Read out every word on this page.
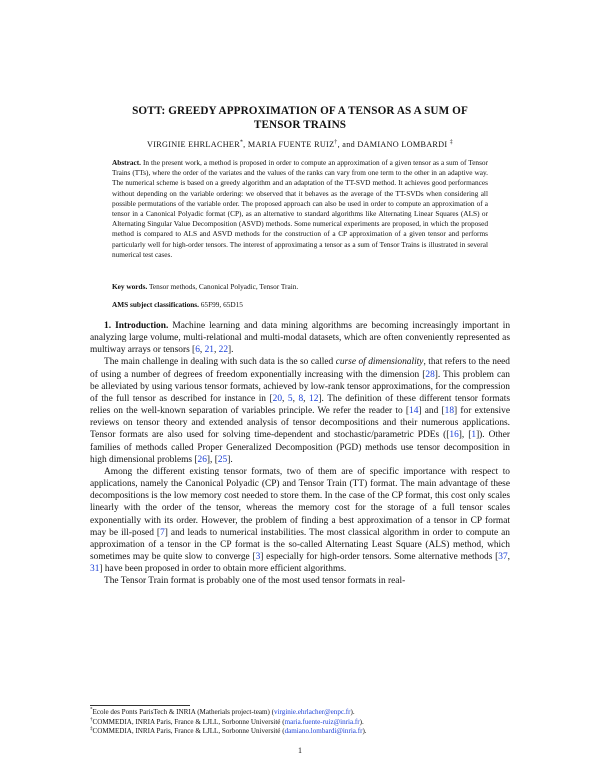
SOTT: GREEDY APPROXIMATION OF A TENSOR AS A SUM OF TENSOR TRAINS
VIRGINIE EHRLACHER*, MARIA FUENTE RUIZ†, and DAMIANO LOMBARDI ‡
Abstract. In the present work, a method is proposed in order to compute an approximation of a given tensor as a sum of Tensor Trains (TTs), where the order of the variates and the values of the ranks can vary from one term to the other in an adaptive way. The numerical scheme is based on a greedy algorithm and an adaptation of the TT-SVD method. It achieves good performances without depending on the variable ordering: we observed that it behaves as the average of the TT-SVDs when considering all possible permutations of the variable order. The proposed approach can also be used in order to compute an approximation of a tensor in a Canonical Polyadic format (CP), as an alternative to standard algorithms like Alternating Linear Squares (ALS) or Alternating Singular Value Decomposition (ASVD) methods. Some numerical experiments are proposed, in which the proposed method is compared to ALS and ASVD methods for the construction of a CP approximation of a given tensor and performs particularly well for high-order tensors. The interest of approximating a tensor as a sum of Tensor Trains is illustrated in several numerical test cases.
Key words. Tensor methods, Canonical Polyadic, Tensor Train.
AMS subject classifications. 65F99, 65D15

1. Introduction. Machine learning and data mining algorithms are becoming increasingly important in analyzing large volume, multi-relational and multi-modal datasets, which are often conveniently represented as multiway arrays or tensors [6, 21, 22].

The main challenge in dealing with such data is the so called curse of dimensionality, that refers to the need of using a number of degrees of freedom exponentially increasing with the dimension [28]. This problem can be alleviated by using various tensor formats, achieved by low-rank tensor approximations, for the compression of the full tensor as described for instance in [20, 5, 8, 12]. The definition of these different tensor formats relies on the well-known separation of variables principle. We refer the reader to [14] and [18] for extensive reviews on tensor theory and extended analysis of tensor decompositions and their numerous applications. Tensor formats are also used for solving time-dependent and stochastic/parametric PDEs ([16], [1]). Other families of methods called Proper Generalized Decomposition (PGD) methods use tensor decomposition in high dimensional problems [26], [25].

Among the different existing tensor formats, two of them are of specific importance with respect to applications, namely the Canonical Polyadic (CP) and Tensor Train (TT) format. The main advantage of these decompositions is the low memory cost needed to store them. In the case of the CP format, this cost only scales linearly with the order of the tensor, whereas the memory cost for the storage of a full tensor scales exponentially with its order. However, the problem of finding a best approximation of a tensor in CP format may be ill-posed [7] and leads to numerical instabilities. The most classical algorithm in order to compute an approximation of a tensor in the CP format is the so-called Alternating Least Square (ALS) method, which sometimes may be quite slow to converge [3] especially for high-order tensors. Some alternative methods [37, 31] have been proposed in order to obtain more efficient algorithms.

The Tensor Train format is probably one of the most used tensor formats in real-

*Ecole des Ponts ParisTech & INRIA (Matherials project-team) (virginie.ehrlacher@enpc.fr).
†COMMEDIA, INRIA Paris, France & LJLL, Sorbonne Université (maria.fuente-ruiz@inria.fr).
‡COMMEDIA, INRIA Paris, France & LJLL, Sorbonne Université (damiano.lombardi@inria.fr).
1
